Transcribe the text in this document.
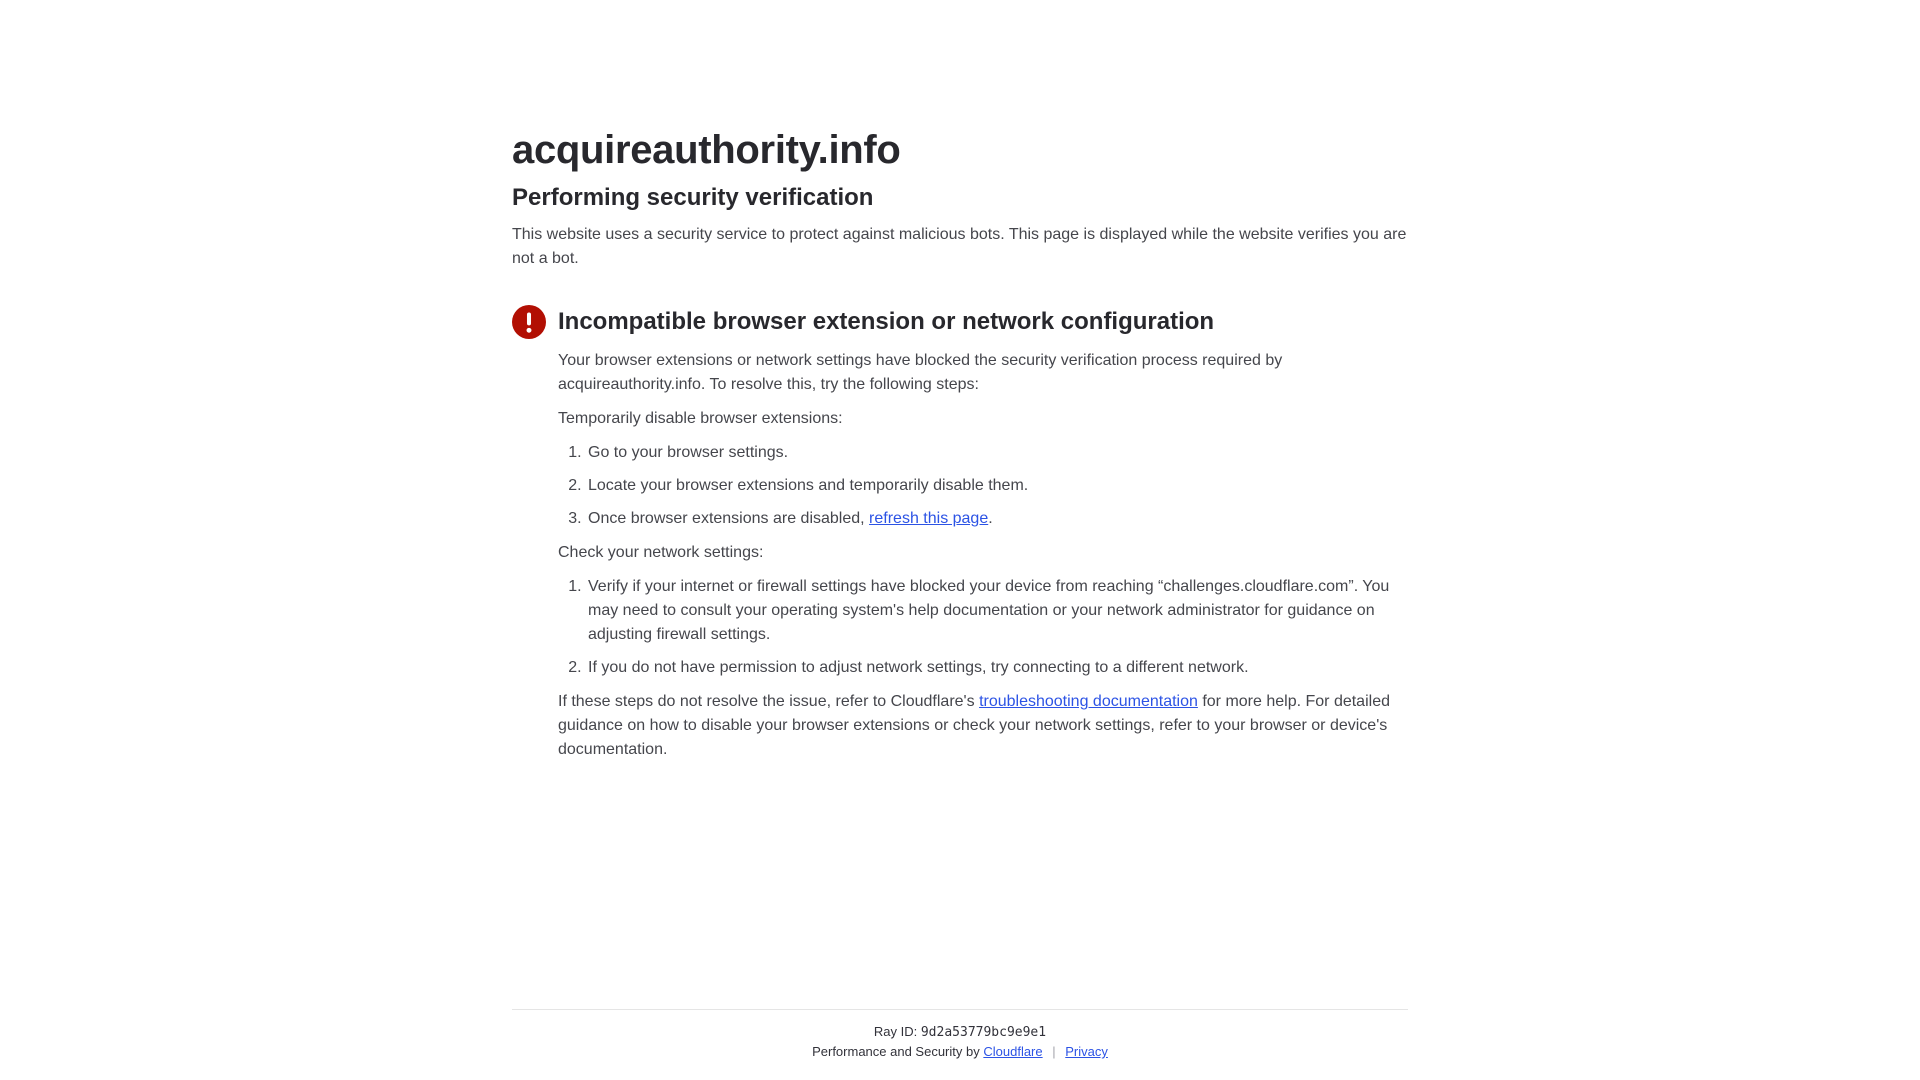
acquireauthority.info
Performing security verification

This website uses a security service to protect against malicious bots. This page is displayed while the website verifies you are not a bot.

Incompatible browser extension or network configuration

Your browser extensions or network settings have blocked the security verification process required by acquireauthority.info. To resolve this, try the following steps:

Temporarily disable browser extensions:

1. Go to your browser settings.
2. Locate your browser extensions and temporarily disable them.
3. Once browser extensions are disabled, refresh this page.

Check your network settings:

1. Verify if your internet or firewall settings have blocked your device from reaching “challenges.cloudflare.com”. You may need to consult your operating system's help documentation or your network administrator for guidance on adjusting firewall settings.
2. If you do not have permission to adjust network settings, try connecting to a different network.

If these steps do not resolve the issue, refer to Cloudflare's troubleshooting documentation for more help. For detailed guidance on how to disable your browser extensions or check your network settings, refer to your browser or device's documentation.

Ray ID: 9d2a53779bc9e9e1
Performance and Security by Cloudflare | Privacy
